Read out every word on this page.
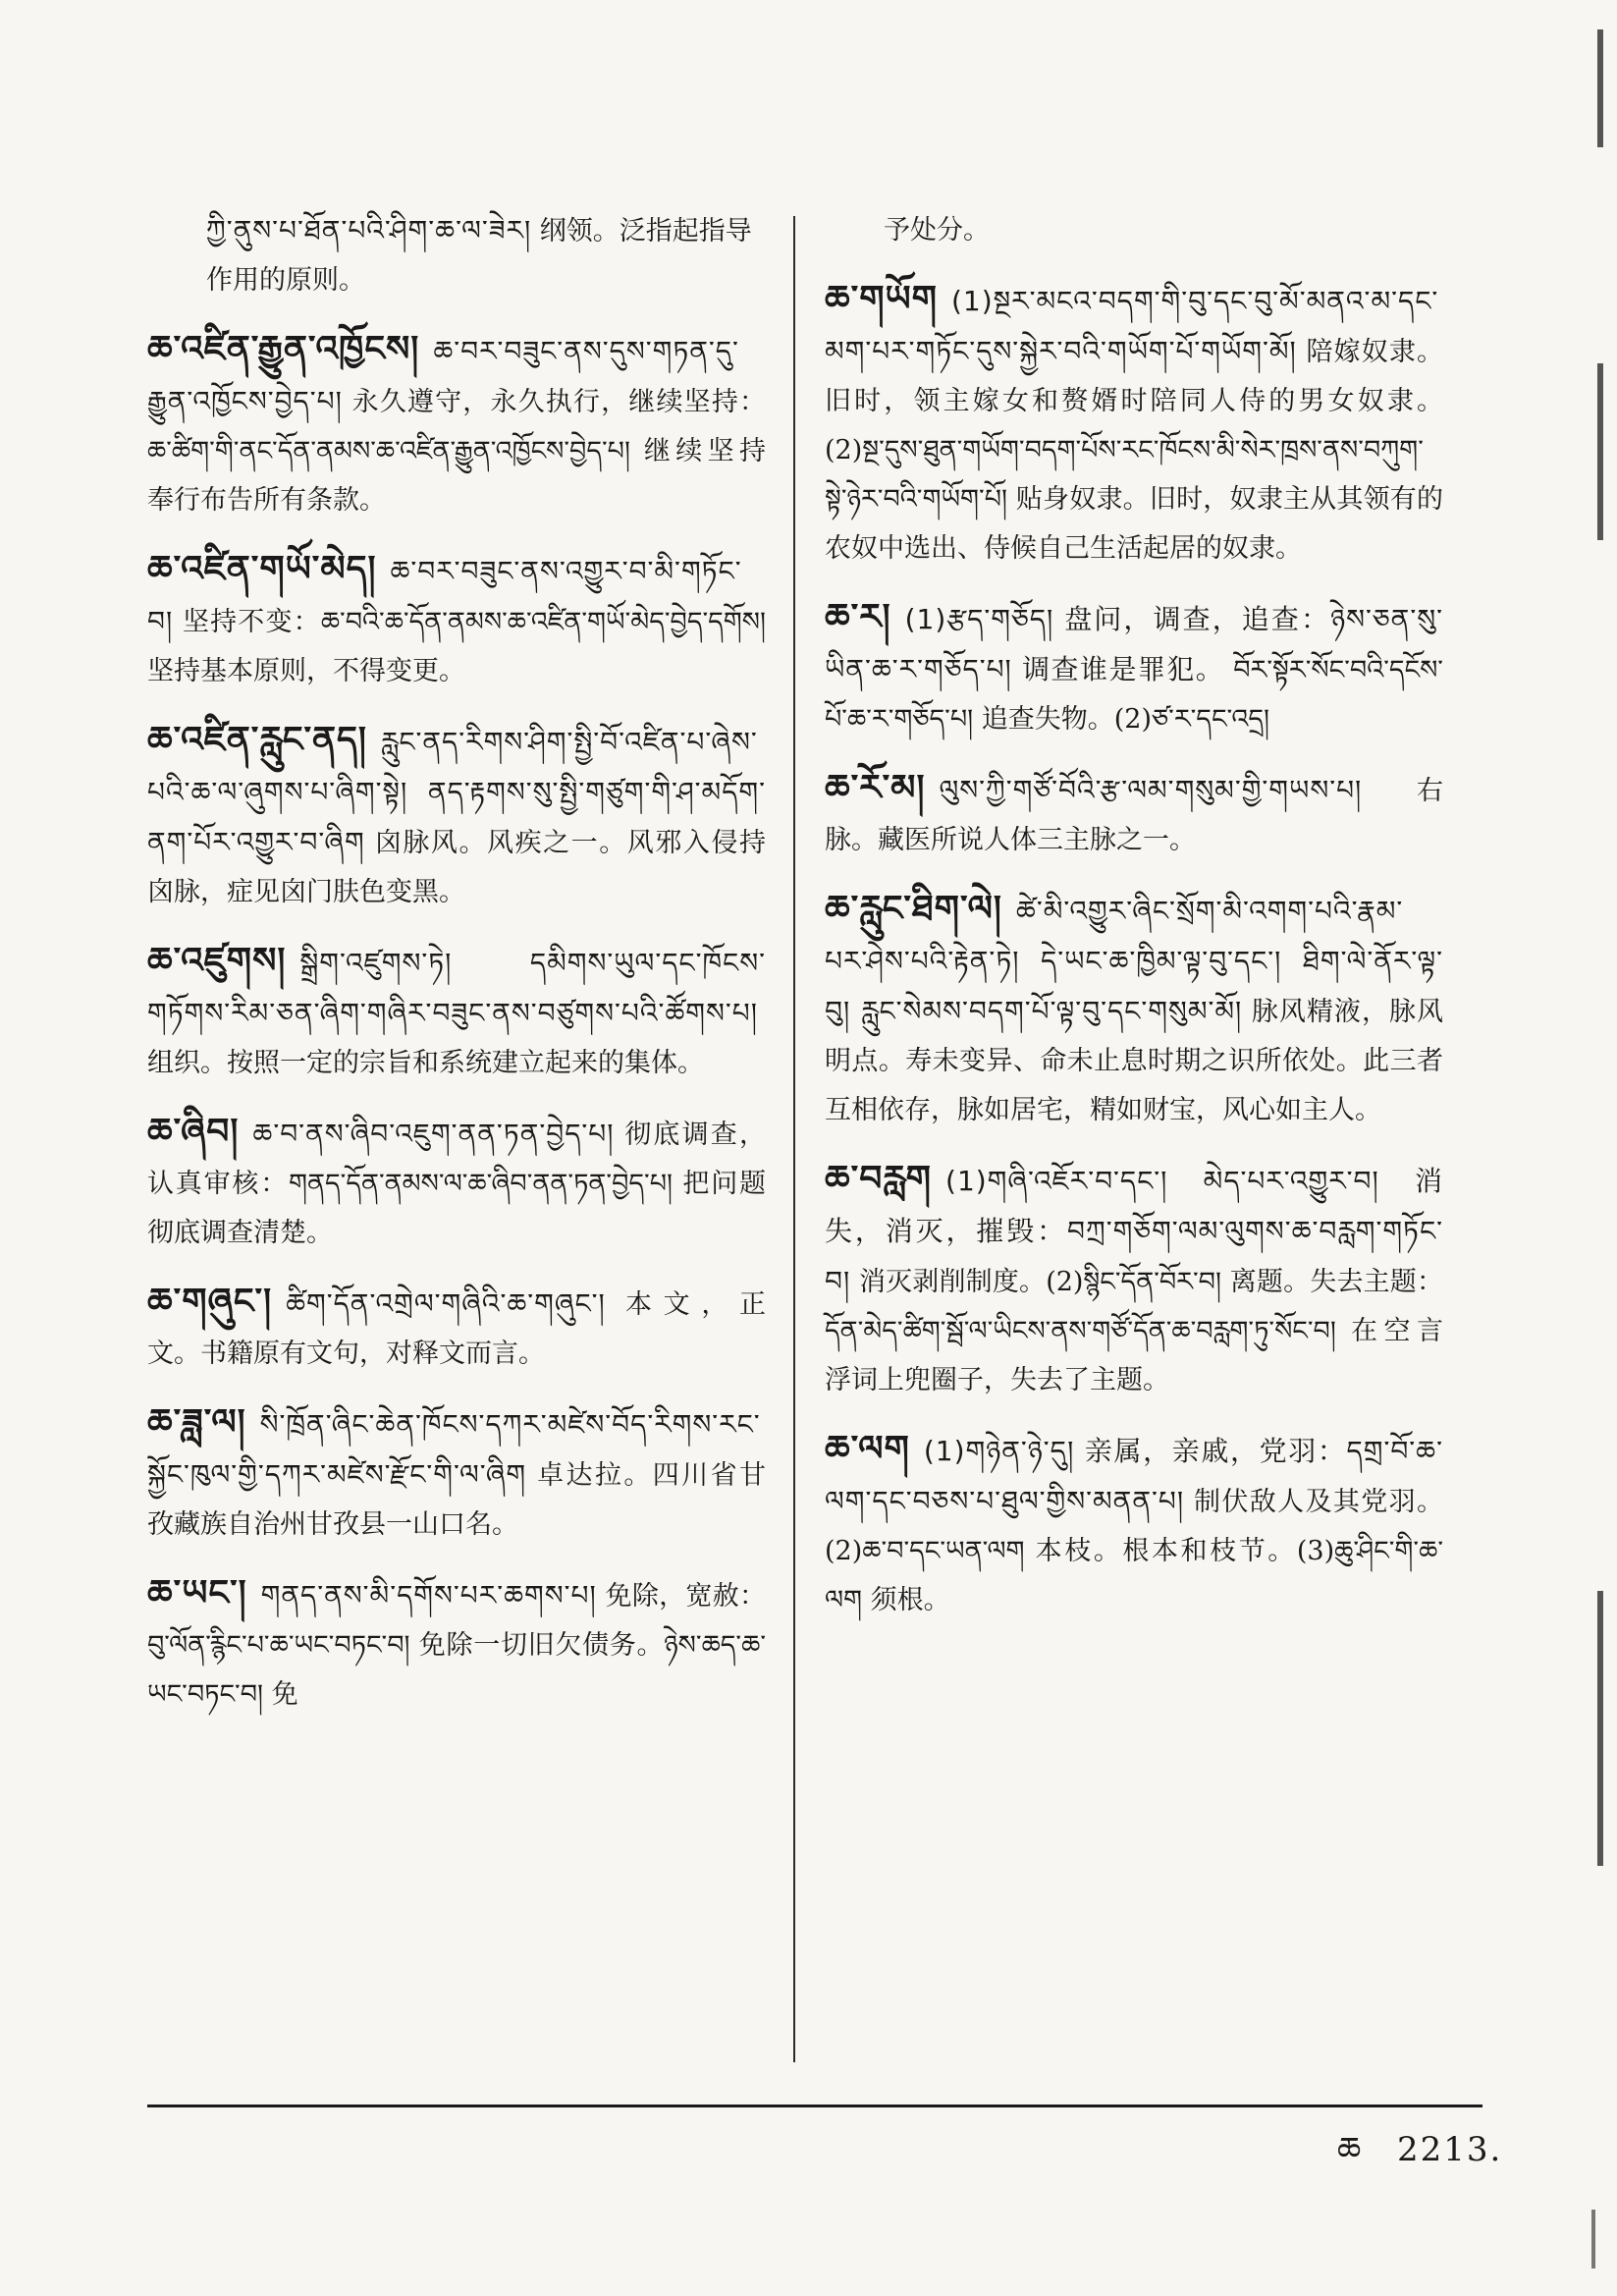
ཀྱི་ནུས་པ་ཐོན་པའི་ཤིག་ཆ་ལ་ཟེར། 纲领。泛指起指导作用的原则。

ཆ་འཛིན་རྒྱུན་འཁྱོངས། ཆ་བར་བཟུང་ནས་དུས་གཏན་དུ་རྒྱུན་འཁྱོངས་བྱེད་པ། 永久遵守，永久执行，继续坚持：ཆ་ཚིག་གི་ནང་དོན་ནམས་ཆ་འཛིན་རྒྱུན་འཁྱོངས་བྱེད་པ། 继续坚持奉行布告所有条款。

ཆ་འཛིན་གཡོ་མེད། ཆ་བར་བཟུང་ནས་འགྱུར་བ་མི་གཏོང་བ། 坚持不变：ཆ་བའི་ཆ་དོན་ནམས་ཆ་འཛིན་གཡོ་མེད་བྱེད་དགོས། 坚持基本原则，不得变更。

ཆ་འཛིན་རླུང་ནད། རླུང་ནད་རིགས་ཤིག་སྤྱི་བོ་འཛིན་པ་ཞེས་པའི་ཆ་ལ་ཞུགས་པ་ཞིག་སྟེ། ནད་རྟགས་སུ་སྤྱི་གཙུག་གི་ཤ་མདོག་ནག་པོར་འགྱུར་བ་ཞིག 囟脉风。风疾之一。风邪入侵持囟脉，症见囟门肤色变黑。

ཆ་འཛུགས། སྒྲིག་འཛུགས་ཏེ། དམིགས་ཡུལ་དང་ཁོངས་གཏོགས་རིམ་ཅན་ཞིག་གཞིར་བཟུང་ནས་བཙུགས་པའི་ཚོགས་པ། 组织。按照一定的宗旨和系统建立起来的集体。

ཆ་ཞིབ། ཆ་བ་ནས་ཞིབ་འཇུག་ནན་ཏན་བྱེད་པ། 彻底调查，认真审核：གནད་དོན་ནམས་ལ་ཆ་ཞིབ་ནན་ཏན་བྱེད་པ། 把问题彻底调查清楚。

ཆ་གཞུང་། ཚིག་དོན་འགྲེལ་གཞིའི་ཆ་གཞུང་། 本文，正文。书籍原有文句，对释文而言。

ཆ་ཟླ་ལ། སི་ཁྲོན་ཞིང་ཆེན་ཁོངས་དཀར་མཛེས་བོད་རིགས་རང་སྐྱོང་ཁུལ་གྱི་དཀར་མཛེས་རྫོང་གི་ལ་ཞིག 卓达拉。四川省甘孜藏族自治州甘孜县一山口名。

ཆ་ཡང་། གནད་ནས་མི་དགོས་པར་ཆགས་པ། 免除，宽赦：བུ་ལོན་རྙིང་པ་ཆ་ཡང་བཏང་བ། 免除一切旧欠债务。ཉེས་ཆད་ཆ་ཡང་བཏང་བ། 免

予处分。

ཆ་གཡོག (1)སྔར་མངའ་བདག་གི་བུ་དང་བུ་མོ་མནའ་མ་དང་མག་པར་གཏོང་དུས་སྐྱེར་བའི་གཡོག་པོ་གཡོག་མོ། 陪嫁奴隶。旧时，领主嫁女和赘婿时陪同人侍的男女奴隶。 (2)སྔ་དུས་ཐུན་གཡོག་བདག་པོས་རང་ཁོངས་མི་སེར་ཁྲས་ནས་བཀུག་སྟེ་ཉེར་བའི་གཡོག་པོ། 贴身奴隶。旧时，奴隶主从其领有的农奴中选出、侍候自己生活起居的奴隶。

ཆ་ར། (1)རྩད་གཅོད། 盘问，调查，追查：ཉེས་ཅན་སུ་ཡིན་ཆ་ར་གཅོད་པ། 调查谁是罪犯。 བོར་སྟོར་སོང་བའི་དངོས་པོ་ཆ་ར་གཅོད་པ། 追查失物。(2)ཙ་ར་དང་འདྲ།

ཆ་རོ་མ། ལུས་ཀྱི་གཙོ་བོའི་རྩ་ལམ་གསུམ་གྱི་གཡས་པ། 右脉。藏医所说人体三主脉之一。

ཆ་རླུང་ཐིག་ལེ། ཚེ་མི་འགྱུར་ཞིང་སྲོག་མི་འགག་པའི་རྣམ་པར་ཤེས་པའི་རྟེན་ཏེ། དེ་ཡང་ཆ་ཁྱིམ་ལྟ་བུ་དང་། ཐིག་ལེ་ནོར་ལྟ་བུ། རླུང་སེམས་བདག་པོ་ལྟ་བུ་དང་གསུམ་མོ། 脉风精液，脉风明点。寿未变异、命未止息时期之识所依处。此三者互相依存，脉如居宅，精如财宝，风心如主人。

ཆ་བརླག (1)གཞི་འཇོར་བ་དང་། མེད་པར་འགྱུར་བ། 消失，消灭，摧毁：བཀྲ་གཅོག་ལམ་ལུགས་ཆ་བརླག་གཏོང་བ། 消灭剥削制度。(2)སྙིང་དོན་བོར་བ། 离题。失去主题：དོན་མེད་ཚིག་སྦོ་ལ་ཡིངས་ནས་གཙོ་དོན་ཆ་བརླག་ཏུ་སོང་བ། 在空言浮词上兜圈子，失去了主题。

ཆ་ལག (1)གཉེན་ཉེ་དུ། 亲属，亲戚，党羽：དགྲ་བོ་ཆ་ལག་དང་བཅས་པ་ཐུལ་གྱིས་མནན་པ། 制伏敌人及其党羽。(2)ཆ་བ་དང་ཡན་ལག 本枝。根本和枝节。(3)ཆུ་ཤིང་གི་ཆ་ལག 须根。

ཆ 2213.
